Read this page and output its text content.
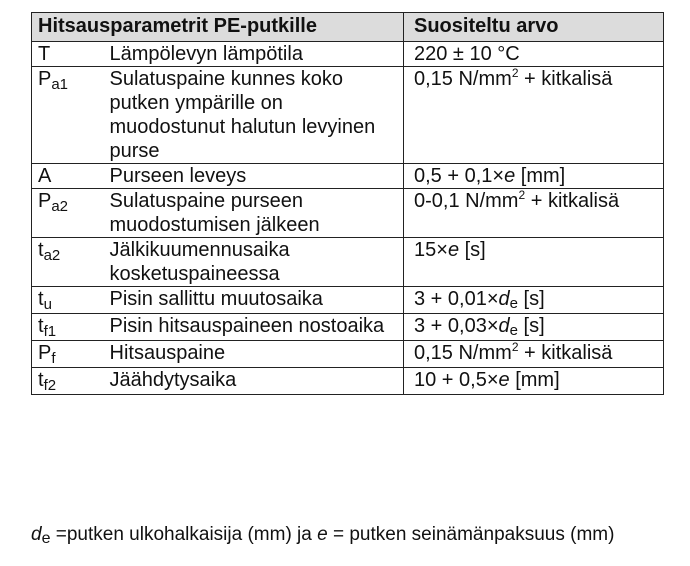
Hitsausparametrit PE-putkille		Suositeltu arvo
T	Lämpölevyn lämpötila	220 ± 10 °C
$P_{a1}$	Sulatuspaine kunnes koko putken ympärille on muodostunut halutun levyinen purse	0,15 $N/mm^2$ + kitkalisä
A	Purseen leveys	0,5 + 0,1×e [mm]
$P_{a2}$	Sulatuspaine purseen muodostumisen jälkeen	0-0,1 $N/mm^2$ + kitkalisä
$t_{a2}$	Jälkikuumennusaika kosketuspaineessa	15×e [s]
$t_u$	Pisin sallittu muutosaika	3 + 0,01×de [s]
$t_{f1}$	Pisin hitsauspaineen nostoaika	3 + 0,03×de [s]
$P_f$	Hitsauspaine	0,15 $N/mm^2$ + kitkalisä
$t_{f2}$	Jäähdytysaika	10 + 0,5×e [mm]
de =putken ulkohalkaisija (mm) ja e = putken seinämänpaksuus (mm)
